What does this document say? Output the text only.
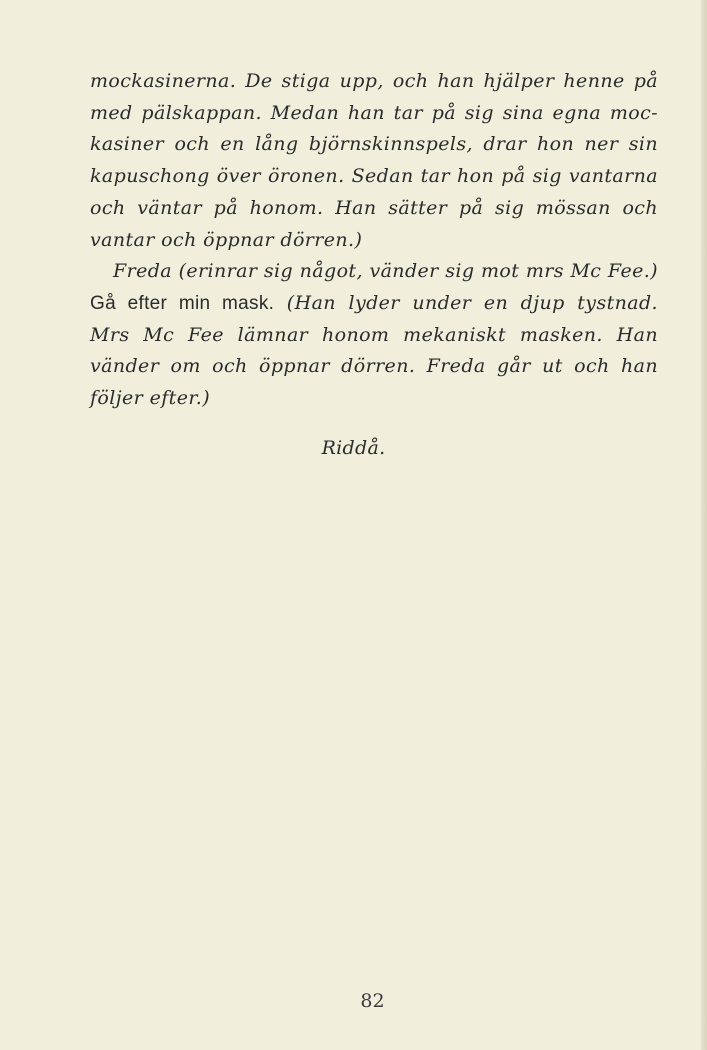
mockasinerna. De stiga upp, och han hjälper henne på
med pälskappan. Medan han tar på sig sina egna moc-
kasiner och en lång björnskinnspels, drar hon ner sin
kapuschong över öronen. Sedan tar hon på sig vantarna
och väntar på honom. Han sätter på sig mössan och
vantar och öppnar dörren.)
Freda (erinrar sig något, vänder sig mot mrs Mc Fee.)
Gå efter min mask. (Han lyder under en djup tystnad.
Mrs Mc Fee lämnar honom mekaniskt masken. Han
vänder om och öppnar dörren. Freda går ut och han
följer efter.)
Riddå.
82
